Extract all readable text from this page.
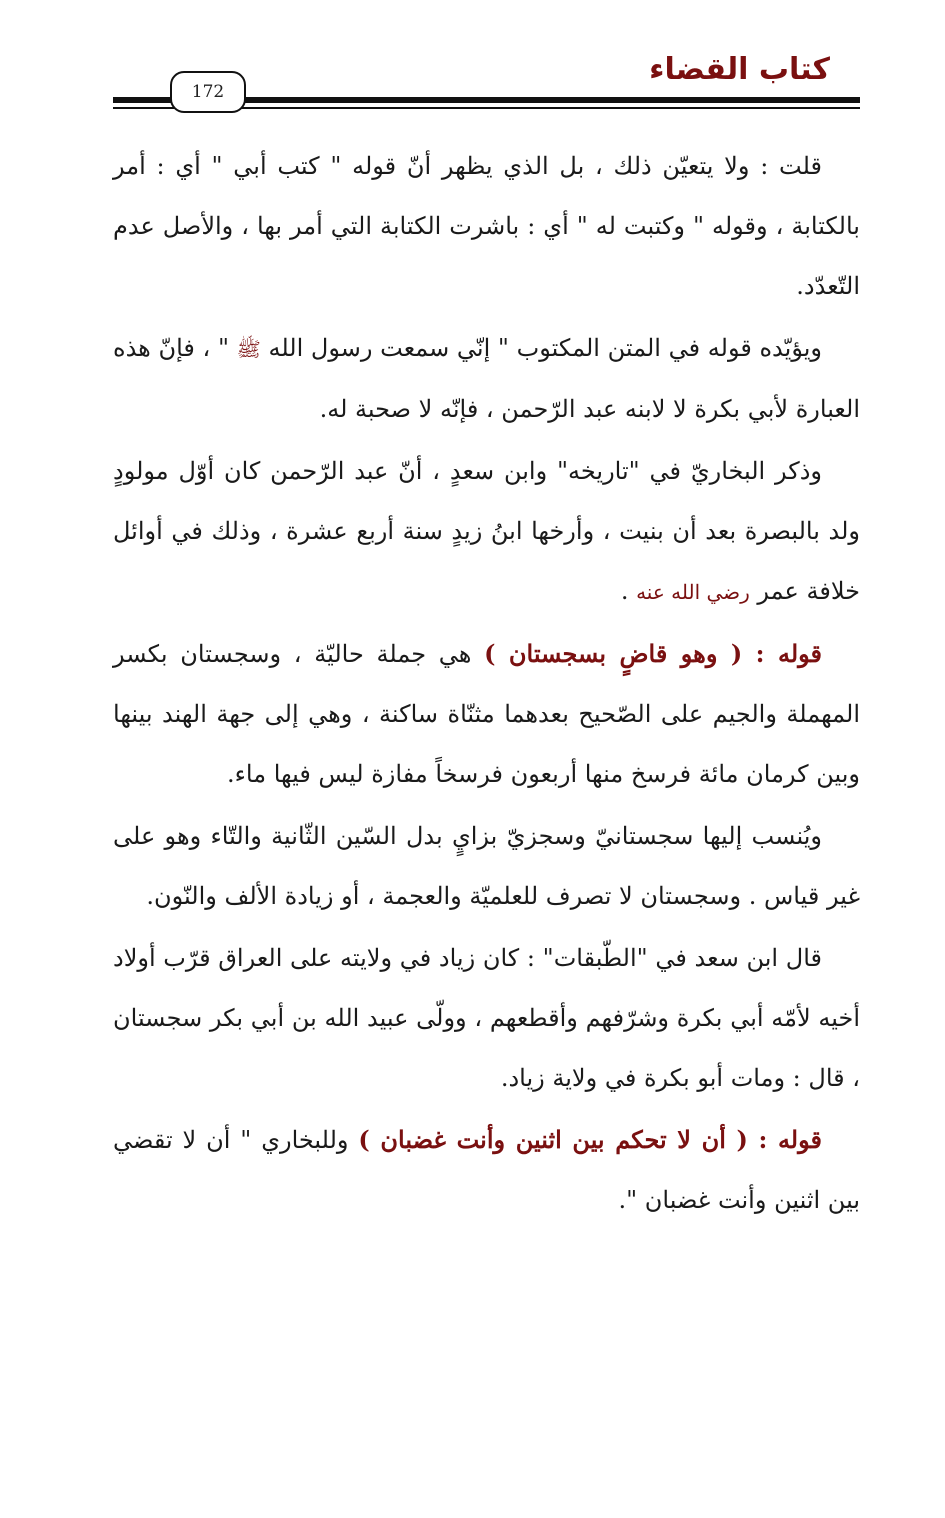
كتاب القضاء
172

قلت : ولا يتعيّن ذلك ، بل الذي يظهر أنّ قوله " كتب أبي " أي : أمر بالكتابة ، وقوله " وكتبت له " أي : باشرت الكتابة التي أمر بها ، والأصل عدم التّعدّد.

ويؤيّده قوله في المتن المكتوب " إنّي سمعت رسول الله ﷺ " ، فإنّ هذه العبارة لأبي بكرة لا لابنه عبد الرّحمن ، فإنّه لا صحبة له.

وذكر البخاريّ في "تاريخه" وابن سعدٍ ، أنّ عبد الرّحمن كان أوّل مولودٍ ولد بالبصرة بعد أن بنيت ، وأرخها ابنُ زيدٍ سنة أربع عشرة ، وذلك في أوائل خلافة عمر رضي الله عنه .

قوله : ( وهو قاضٍ بسجستان ) هي جملة حاليّة ، وسجستان بكسر المهملة والجيم على الصّحيح بعدهما مثنّاة ساكنة ، وهي إلى جهة الهند بينها وبين كرمان مائة فرسخ منها أربعون فرسخاً مفازة ليس فيها ماء.

ويُنسب إليها سجستانيّ وسجزيّ بزايٍ بدل السّين الثّانية والتّاء وهو على غير قياس . وسجستان لا تصرف للعلميّة والعجمة ، أو زيادة الألف والنّون.

قال ابن سعد في "الطّبقات" : كان زياد في ولايته على العراق قرّب أولاد أخيه لأمّه أبي بكرة وشرّفهم وأقطعهم ، وولّى عبيد الله بن أبي بكر سجستان ، قال : ومات أبو بكرة في ولاية زياد.

قوله : ( أن لا تحكم بين اثنين وأنت غضبان ) وللبخاري " أن لا تقضي بين اثنين وأنت غضبان ".
